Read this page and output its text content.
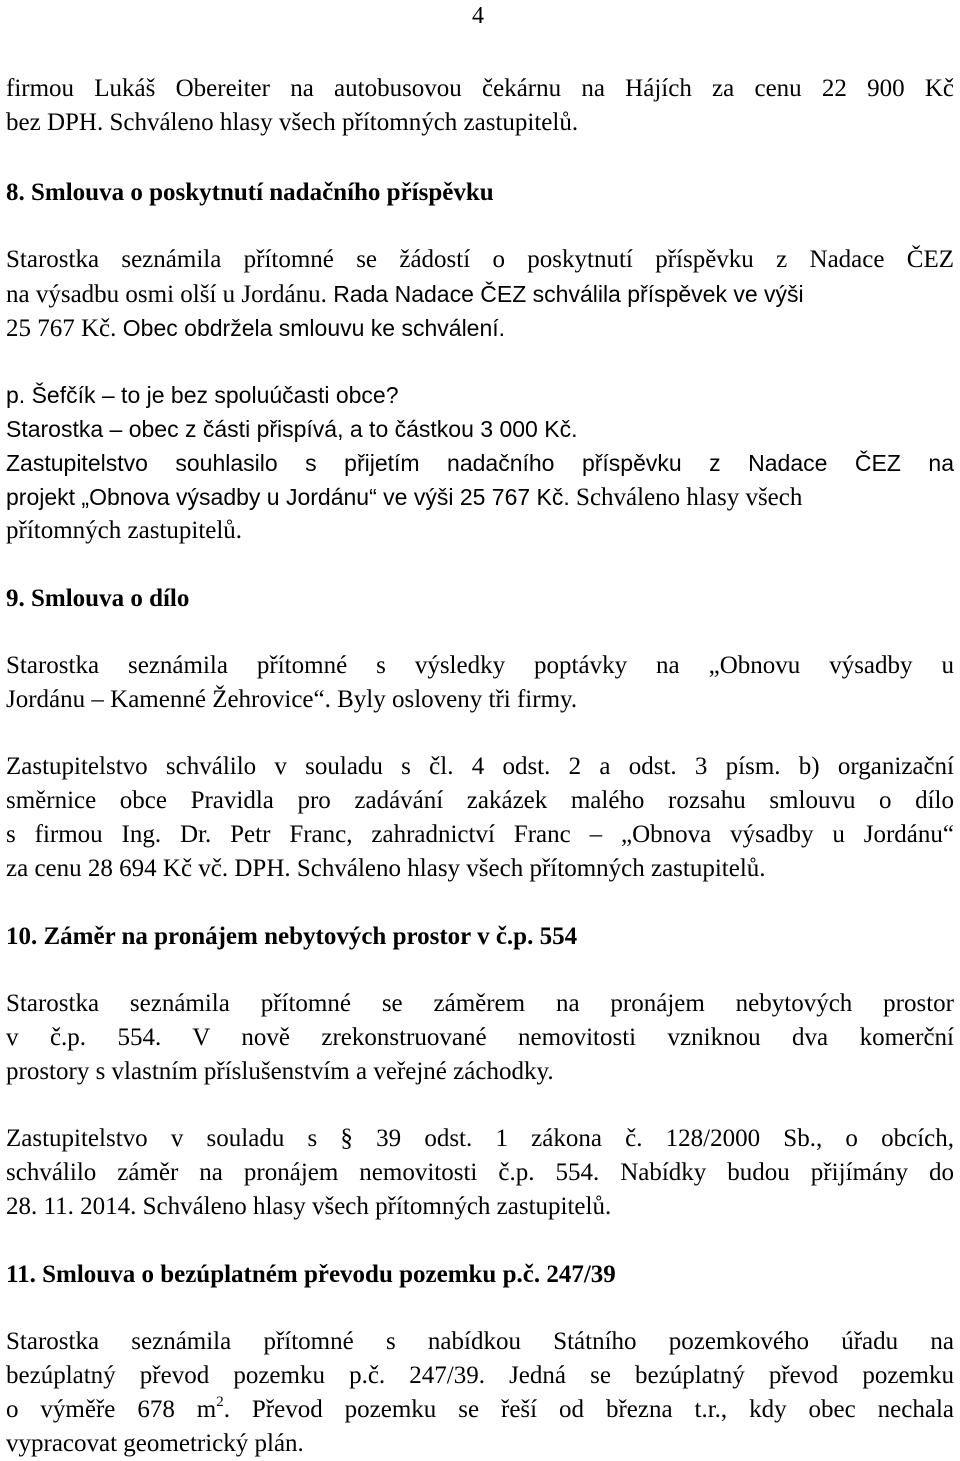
4
firmou Lukáš Obereiter na autobusovou čekárnu na Hájích za cenu 22 900 Kč
bez DPH. Schváleno hlasy všech přítomných zastupitelů.
8. Smlouva o poskytnutí nadačního příspěvku
Starostka seznámila přítomné se žádostí o poskytnutí příspěvku z Nadace ČEZ
na výsadbu osmi olší u Jordánu. Rada Nadace ČEZ schválila příspěvek ve výši
25 767 Kč. Obec obdržela smlouvu ke schválení.
p. Šefčík – to je bez spoluúčasti obce?
Starostka – obec z části přispívá, a to částkou 3 000 Kč.
Zastupitelstvo souhlasilo s přijetím nadačního příspěvku z Nadace ČEZ na
projekt „Obnova výsadby u Jordánu“ ve výši 25 767 Kč. Schváleno hlasy všech
přítomných zastupitelů.
9. Smlouva o dílo
Starostka seznámila přítomné s výsledky poptávky na „Obnovu výsadby u
Jordánu – Kamenné Žehrovice“. Byly osloveny tři firmy.
Zastupitelstvo schválilo v souladu s čl. 4 odst. 2 a odst. 3 písm. b) organizační
směrnice obce Pravidla pro zadávání zakázek malého rozsahu smlouvu o dílo
s firmou Ing. Dr. Petr Franc, zahradnictví Franc – „Obnova výsadby u Jordánu“
za cenu 28 694 Kč vč. DPH. Schváleno hlasy všech přítomných zastupitelů.
10. Záměr na pronájem nebytových prostor v č.p. 554
Starostka seznámila přítomné se záměrem na pronájem nebytových prostor
v č.p. 554. V nově zrekonstruované nemovitosti vzniknou dva komerční
prostory s vlastním příslušenstvím a veřejné záchodky.
Zastupitelstvo v souladu s § 39 odst. 1 zákona č. 128/2000 Sb., o obcích,
schválilo záměr na pronájem nemovitosti č.p. 554. Nabídky budou přijímány do
28. 11. 2014. Schváleno hlasy všech přítomných zastupitelů.
11. Smlouva o bezúplatném převodu pozemku p.č. 247/39
Starostka seznámila přítomné s nabídkou Státního pozemkového úřadu na
bezúplatný převod pozemku p.č. 247/39. Jedná se bezúplatný převod pozemku
o výměře 678 $m^2$. Převod pozemku se řeší od března t.r., kdy obec nechala
vypracovat geometrický plán.
